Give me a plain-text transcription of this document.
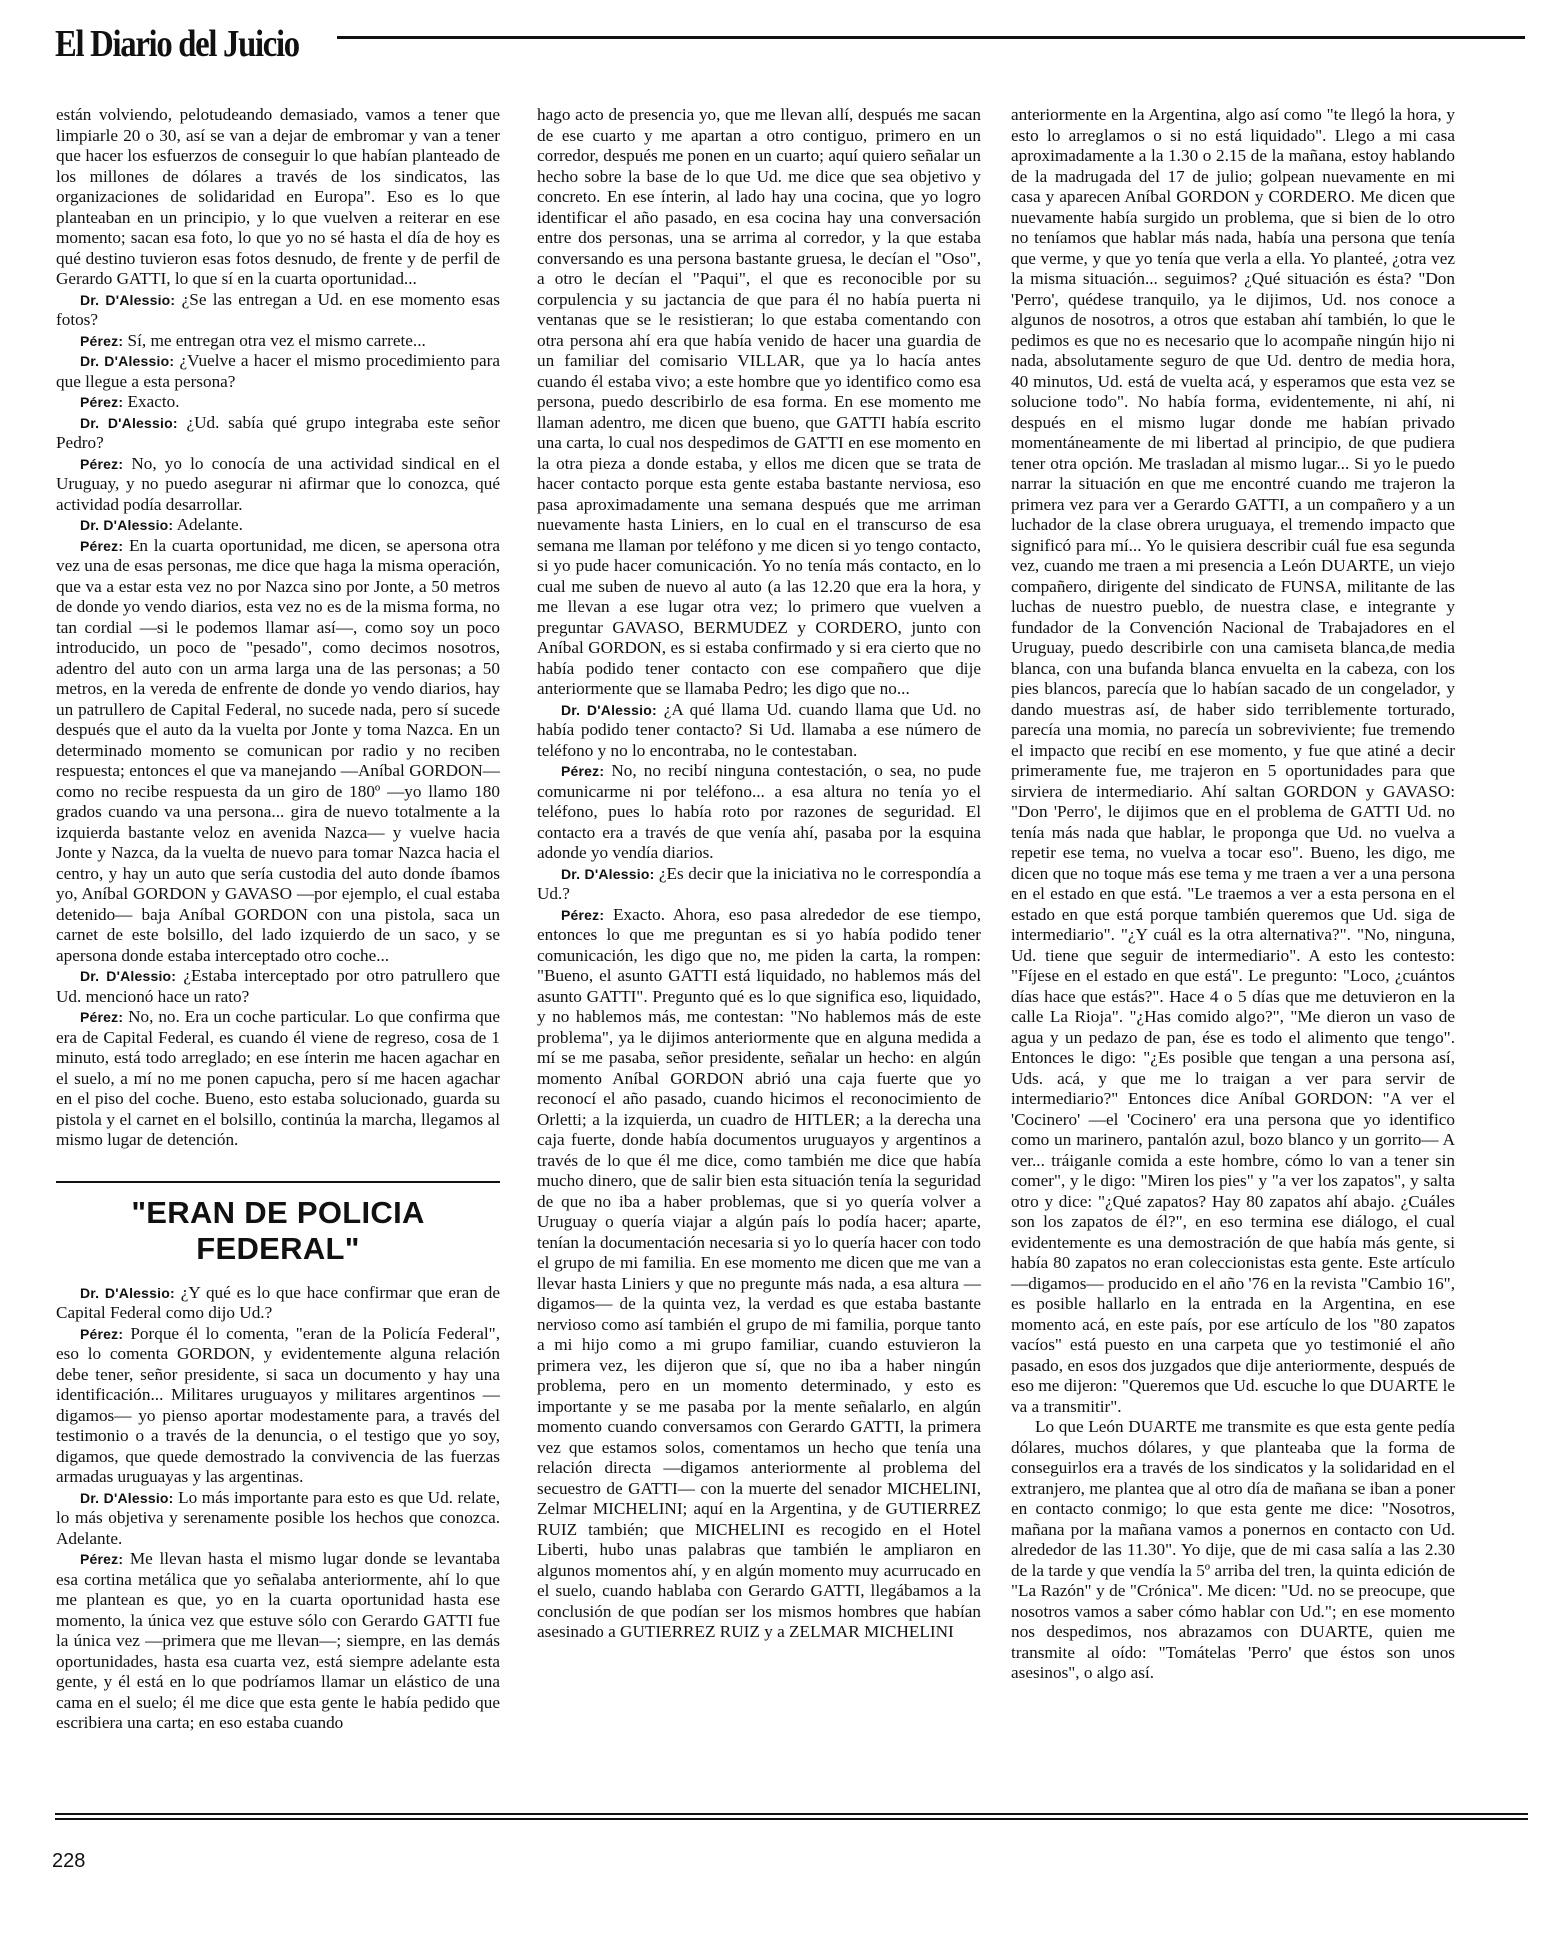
El Diario del Juicio

están volviendo, pelotudeando demasiado, vamos a tener que limpiarle 20 o 30, así se van a dejar de embromar y van a tener que hacer los esfuerzos de conseguir lo que habían planteado de los millones de dólares a través de los sindicatos, las organizaciones de solidaridad en Europa". Eso es lo que planteaban en un principio, y lo que vuelven a reiterar en ese momento; sacan esa foto, lo que yo no sé hasta el día de hoy es qué destino tuvieron esas fotos desnudo, de frente y de perfil de Gerardo GATTI, lo que sí en la cuarta oportunidad...

Dr. D'Alessio: ¿Se las entregan a Ud. en ese momento esas fotos?

Pérez: Sí, me entregan otra vez el mismo carrete...

Dr. D'Alessio: ¿Vuelve a hacer el mismo procedimiento para que llegue a esta persona?

Pérez: Exacto.

Dr. D'Alessio: ¿Ud. sabía qué grupo integraba este señor Pedro?

Pérez: No, yo lo conocía de una actividad sindical en el Uruguay, y no puedo asegurar ni afirmar que lo conozca, qué actividad podía desarrollar.

Dr. D'Alessio: Adelante.

Pérez: En la cuarta oportunidad, me dicen, se apersona otra vez una de esas personas, me dice que haga la misma operación, que va a estar esta vez no por Nazca sino por Jonte, a 50 metros de donde yo vendo diarios, esta vez no es de la misma forma, no tan cordial —si le podemos llamar así—, como soy un poco introducido, un poco de "pesado", como decimos nosotros, adentro del auto con un arma larga una de las personas; a 50 metros, en la vereda de enfrente de donde yo vendo diarios, hay un patrullero de Capital Federal, no sucede nada, pero sí sucede después que el auto da la vuelta por Jonte y toma Nazca. En un determinado momento se comunican por radio y no reciben respuesta; entonces el que va manejando —Aníbal GORDON— como no recibe respuesta da un giro de 180º —yo llamo 180 grados cuando va una persona... gira de nuevo totalmente a la izquierda bastante veloz en avenida Nazca— y vuelve hacia Jonte y Nazca, da la vuelta de nuevo para tomar Nazca hacia el centro, y hay un auto que sería custodia del auto donde íbamos yo, Aníbal GORDON y GAVASO —por ejemplo, el cual estaba detenido— baja Aníbal GORDON con una pistola, saca un carnet de este bolsillo, del lado izquierdo de un saco, y se apersona donde estaba interceptado otro coche...

Dr. D'Alessio: ¿Estaba interceptado por otro patrullero que Ud. mencionó hace un rato?

Pérez: No, no. Era un coche particular. Lo que confirma que era de Capital Federal, es cuando él viene de regreso, cosa de 1 minuto, está todo arreglado; en ese ínterin me hacen agachar en el suelo, a mí no me ponen capucha, pero sí me hacen agachar en el piso del coche. Bueno, esto estaba solucionado, guarda su pistola y el carnet en el bolsillo, continúa la marcha, llegamos al mismo lugar de detención.

"ERAN DE POLICIA FEDERAL"

Dr. D'Alessio: ¿Y qué es lo que hace confirmar que eran de Capital Federal como dijo Ud.?

Pérez: Porque él lo comenta, "eran de la Policía Federal", eso lo comenta GORDON, y evidentemente alguna relación debe tener, señor presidente, si saca un documento y hay una identificación... Militares uruguayos y militares argentinos —digamos— yo pienso aportar modestamente para, a través del testimonio o a través de la denuncia, o el testigo que yo soy, digamos, que quede demostrado la convivencia de las fuerzas armadas uruguayas y las argentinas.

Dr. D'Alessio: Lo más importante para esto es que Ud. relate, lo más objetiva y serenamente posible los hechos que conozca. Adelante.

Pérez: Me llevan hasta el mismo lugar donde se levantaba esa cortina metálica que yo señalaba anteriormente, ahí lo que me plantean es que, yo en la cuarta oportunidad hasta ese momento, la única vez que estuve sólo con Gerardo GATTI fue la única vez —primera que me llevan—; siempre, en las demás oportunidades, hasta esa cuarta vez, está siempre adelante esta gente, y él está en lo que podríamos llamar un elástico de una cama en el suelo; él me dice que esta gente le había pedido que escribiera una carta; en eso estaba cuando

hago acto de presencia yo, que me llevan allí, después me sacan de ese cuarto y me apartan a otro contiguo, primero en un corredor, después me ponen en un cuarto; aquí quiero señalar un hecho sobre la base de lo que Ud. me dice que sea objetivo y concreto. En ese ínterin, al lado hay una cocina, que yo logro identificar el año pasado, en esa cocina hay una conversación entre dos personas, una se arrima al corredor, y la que estaba conversando es una persona bastante gruesa, le decían el "Oso", a otro le decían el "Paqui", el que es reconocible por su corpulencia y su jactancia de que para él no había puerta ni ventanas que se le resistieran; lo que estaba comentando con otra persona ahí era que había venido de hacer una guardia de un familiar del comisario VILLAR, que ya lo hacía antes cuando él estaba vivo; a este hombre que yo identifico como esa persona, puedo describirlo de esa forma. En ese momento me llaman adentro, me dicen que bueno, que GATTI había escrito una carta, lo cual nos despedimos de GATTI en ese momento en la otra pieza a donde estaba, y ellos me dicen que se trata de hacer contacto porque esta gente estaba bastante nerviosa, eso pasa aproximadamente una semana después que me arriman nuevamente hasta Liniers, en lo cual en el transcurso de esa semana me llaman por teléfono y me dicen si yo tengo contacto, si yo pude hacer comunicación. Yo no tenía más contacto, en lo cual me suben de nuevo al auto (a las 12.20 que era la hora, y me llevan a ese lugar otra vez; lo primero que vuelven a preguntar GAVASO, BERMUDEZ y CORDERO, junto con Aníbal GORDON, es si estaba confirmado y si era cierto que no había podido tener contacto con ese compañero que dije anteriormente que se llamaba Pedro; les digo que no...

Dr. D'Alessio: ¿A qué llama Ud. cuando llama que Ud. no había podido tener contacto? Si Ud. llamaba a ese número de teléfono y no lo encontraba, no le contestaban.

Pérez: No, no recibí ninguna contestación, o sea, no pude comunicarme ni por teléfono... a esa altura no tenía yo el teléfono, pues lo había roto por razones de seguridad. El contacto era a través de que venía ahí, pasaba por la esquina adonde yo vendía diarios.

Dr. D'Alessio: ¿Es decir que la iniciativa no le correspondía a Ud.?

Pérez: Exacto. Ahora, eso pasa alrededor de ese tiempo, entonces lo que me preguntan es si yo había podido tener comunicación, les digo que no, me piden la carta, la rompen: "Bueno, el asunto GATTI está liquidado, no hablemos más del asunto GATTI". Pregunto qué es lo que significa eso, liquidado, y no hablemos más, me contestan: "No hablemos más de este problema", ya le dijimos anteriormente que en alguna medida a mí se me pasaba, señor presidente, señalar un hecho: en algún momento Aníbal GORDON abrió una caja fuerte que yo reconocí el año pasado, cuando hicimos el reconocimiento de Orletti; a la izquierda, un cuadro de HITLER; a la derecha una caja fuerte, donde había documentos uruguayos y argentinos a través de lo que él me dice, como también me dice que había mucho dinero, que de salir bien esta situación tenía la seguridad de que no iba a haber problemas, que si yo quería volver a Uruguay o quería viajar a algún país lo podía hacer; aparte, tenían la documentación necesaria si yo lo quería hacer con todo el grupo de mi familia. En ese momento me dicen que me van a llevar hasta Liniers y que no pregunte más nada, a esa altura —digamos— de la quinta vez, la verdad es que estaba bastante nervioso como así también el grupo de mi familia, porque tanto a mi hijo como a mi grupo familiar, cuando estuvieron la primera vez, les dijeron que sí, que no iba a haber ningún problema, pero en un momento determinado, y esto es importante y se me pasaba por la mente señalarlo, en algún momento cuando conversamos con Gerardo GATTI, la primera vez que estamos solos, comentamos un hecho que tenía una relación directa —digamos anteriormente al problema del secuestro de GATTI— con la muerte del senador MICHELINI, Zelmar MICHELINI; aquí en la Argentina, y de GUTIERREZ RUIZ también; que MICHELINI es recogido en el Hotel Liberti, hubo unas palabras que también le ampliaron en algunos momentos ahí, y en algún momento muy acurrucado en el suelo, cuando hablaba con Gerardo GATTI, llegábamos a la conclusión de que podían ser los mismos hombres que habían asesinado a GUTIERREZ RUIZ y a ZELMAR MICHELINI

anteriormente en la Argentina, algo así como "te llegó la hora, y esto lo arreglamos o si no está liquidado". Llego a mi casa aproximadamente a la 1.30 o 2.15 de la mañana, estoy hablando de la madrugada del 17 de julio; golpean nuevamente en mi casa y aparecen Aníbal GORDON y CORDERO. Me dicen que nuevamente había surgido un problema, que si bien de lo otro no teníamos que hablar más nada, había una persona que tenía que verme, y que yo tenía que verla a ella. Yo planteé, ¿otra vez la misma situación... seguimos? ¿Qué situación es ésta? "Don 'Perro', quédese tranquilo, ya le dijimos, Ud. nos conoce a algunos de nosotros, a otros que estaban ahí también, lo que le pedimos es que no es necesario que lo acompañe ningún hijo ni nada, absolutamente seguro de que Ud. dentro de media hora, 40 minutos, Ud. está de vuelta acá, y esperamos que esta vez se solucione todo". No había forma, evidentemente, ni ahí, ni después en el mismo lugar donde me habían privado momentáneamente de mi libertad al principio, de que pudiera tener otra opción. Me trasladan al mismo lugar... Si yo le puedo narrar la situación en que me encontré cuando me trajeron la primera vez para ver a Gerardo GATTI, a un compañero y a un luchador de la clase obrera uruguaya, el tremendo impacto que significó para mí... Yo le quisiera describir cuál fue esa segunda vez, cuando me traen a mi presencia a León DUARTE, un viejo compañero, dirigente del sindicato de FUNSA, militante de las luchas de nuestro pueblo, de nuestra clase, e integrante y fundador de la Convención Nacional de Trabajadores en el Uruguay, puedo describirle con una camiseta blanca,de media blanca, con una bufanda blanca envuelta en la cabeza, con los pies blancos, parecía que lo habían sacado de un congelador, y dando muestras así, de haber sido terriblemente torturado, parecía una momia, no parecía un sobreviviente; fue tremendo el impacto que recibí en ese momento, y fue que atiné a decir primeramente fue, me trajeron en 5 oportunidades para que sirviera de intermediario. Ahí saltan GORDON y GAVASO: "Don 'Perro', le dijimos que en el problema de GATTI Ud. no tenía más nada que hablar, le proponga que Ud. no vuelva a repetir ese tema, no vuelva a tocar eso". Bueno, les digo, me dicen que no toque más ese tema y me traen a ver a una persona en el estado en que está. "Le traemos a ver a esta persona en el estado en que está porque también queremos que Ud. siga de intermediario". "¿Y cuál es la otra alternativa?". "No, ninguna, Ud. tiene que seguir de intermediario". A esto les contesto: "Fíjese en el estado en que está". Le pregunto: "Loco, ¿cuántos días hace que estás?". Hace 4 o 5 días que me detuvieron en la calle La Rioja". "¿Has comido algo?", "Me dieron un vaso de agua y un pedazo de pan, ése es todo el alimento que tengo". Entonces le digo: "¿Es posible que tengan a una persona así, Uds. acá, y que me lo traigan a ver para servir de intermediario?" Entonces dice Aníbal GORDON: "A ver el 'Cocinero' —el 'Cocinero' era una persona que yo identifico como un marinero, pantalón azul, bozo blanco y un gorrito— A ver... tráiganle comida a este hombre, cómo lo van a tener sin comer", y le digo: "Miren los pies" y "a ver los zapatos", y salta otro y dice: "¿Qué zapatos? Hay 80 zapatos ahí abajo. ¿Cuáles son los zapatos de él?", en eso termina ese diálogo, el cual evidentemente es una demostración de que había más gente, si había 80 zapatos no eran coleccionistas esta gente. Este artículo —digamos— producido en el año '76 en la revista "Cambio 16", es posible hallarlo en la entrada en la Argentina, en ese momento acá, en este país, por ese artículo de los "80 zapatos vacíos" está puesto en una carpeta que yo testimonié el año pasado, en esos dos juzgados que dije anteriormente, después de eso me dijeron: "Queremos que Ud. escuche lo que DUARTE le va a transmitir".

Lo que León DUARTE me transmite es que esta gente pedía dólares, muchos dólares, y que planteaba que la forma de conseguirlos era a través de los sindicatos y la solidaridad en el extranjero, me plantea que al otro día de mañana se iban a poner en contacto conmigo; lo que esta gente me dice: "Nosotros, mañana por la mañana vamos a ponernos en contacto con Ud. alrededor de las 11.30". Yo dije, que de mi casa salía a las 2.30 de la tarde y que vendía la 5º arriba del tren, la quinta edición de "La Razón" y de "Crónica". Me dicen: "Ud. no se preocupe, que nosotros vamos a saber cómo hablar con Ud."; en ese momento nos despedimos, nos abrazamos con DUARTE, quien me transmite al oído: "Tomátelas 'Perro' que éstos son unos asesinos", o algo así.

228
